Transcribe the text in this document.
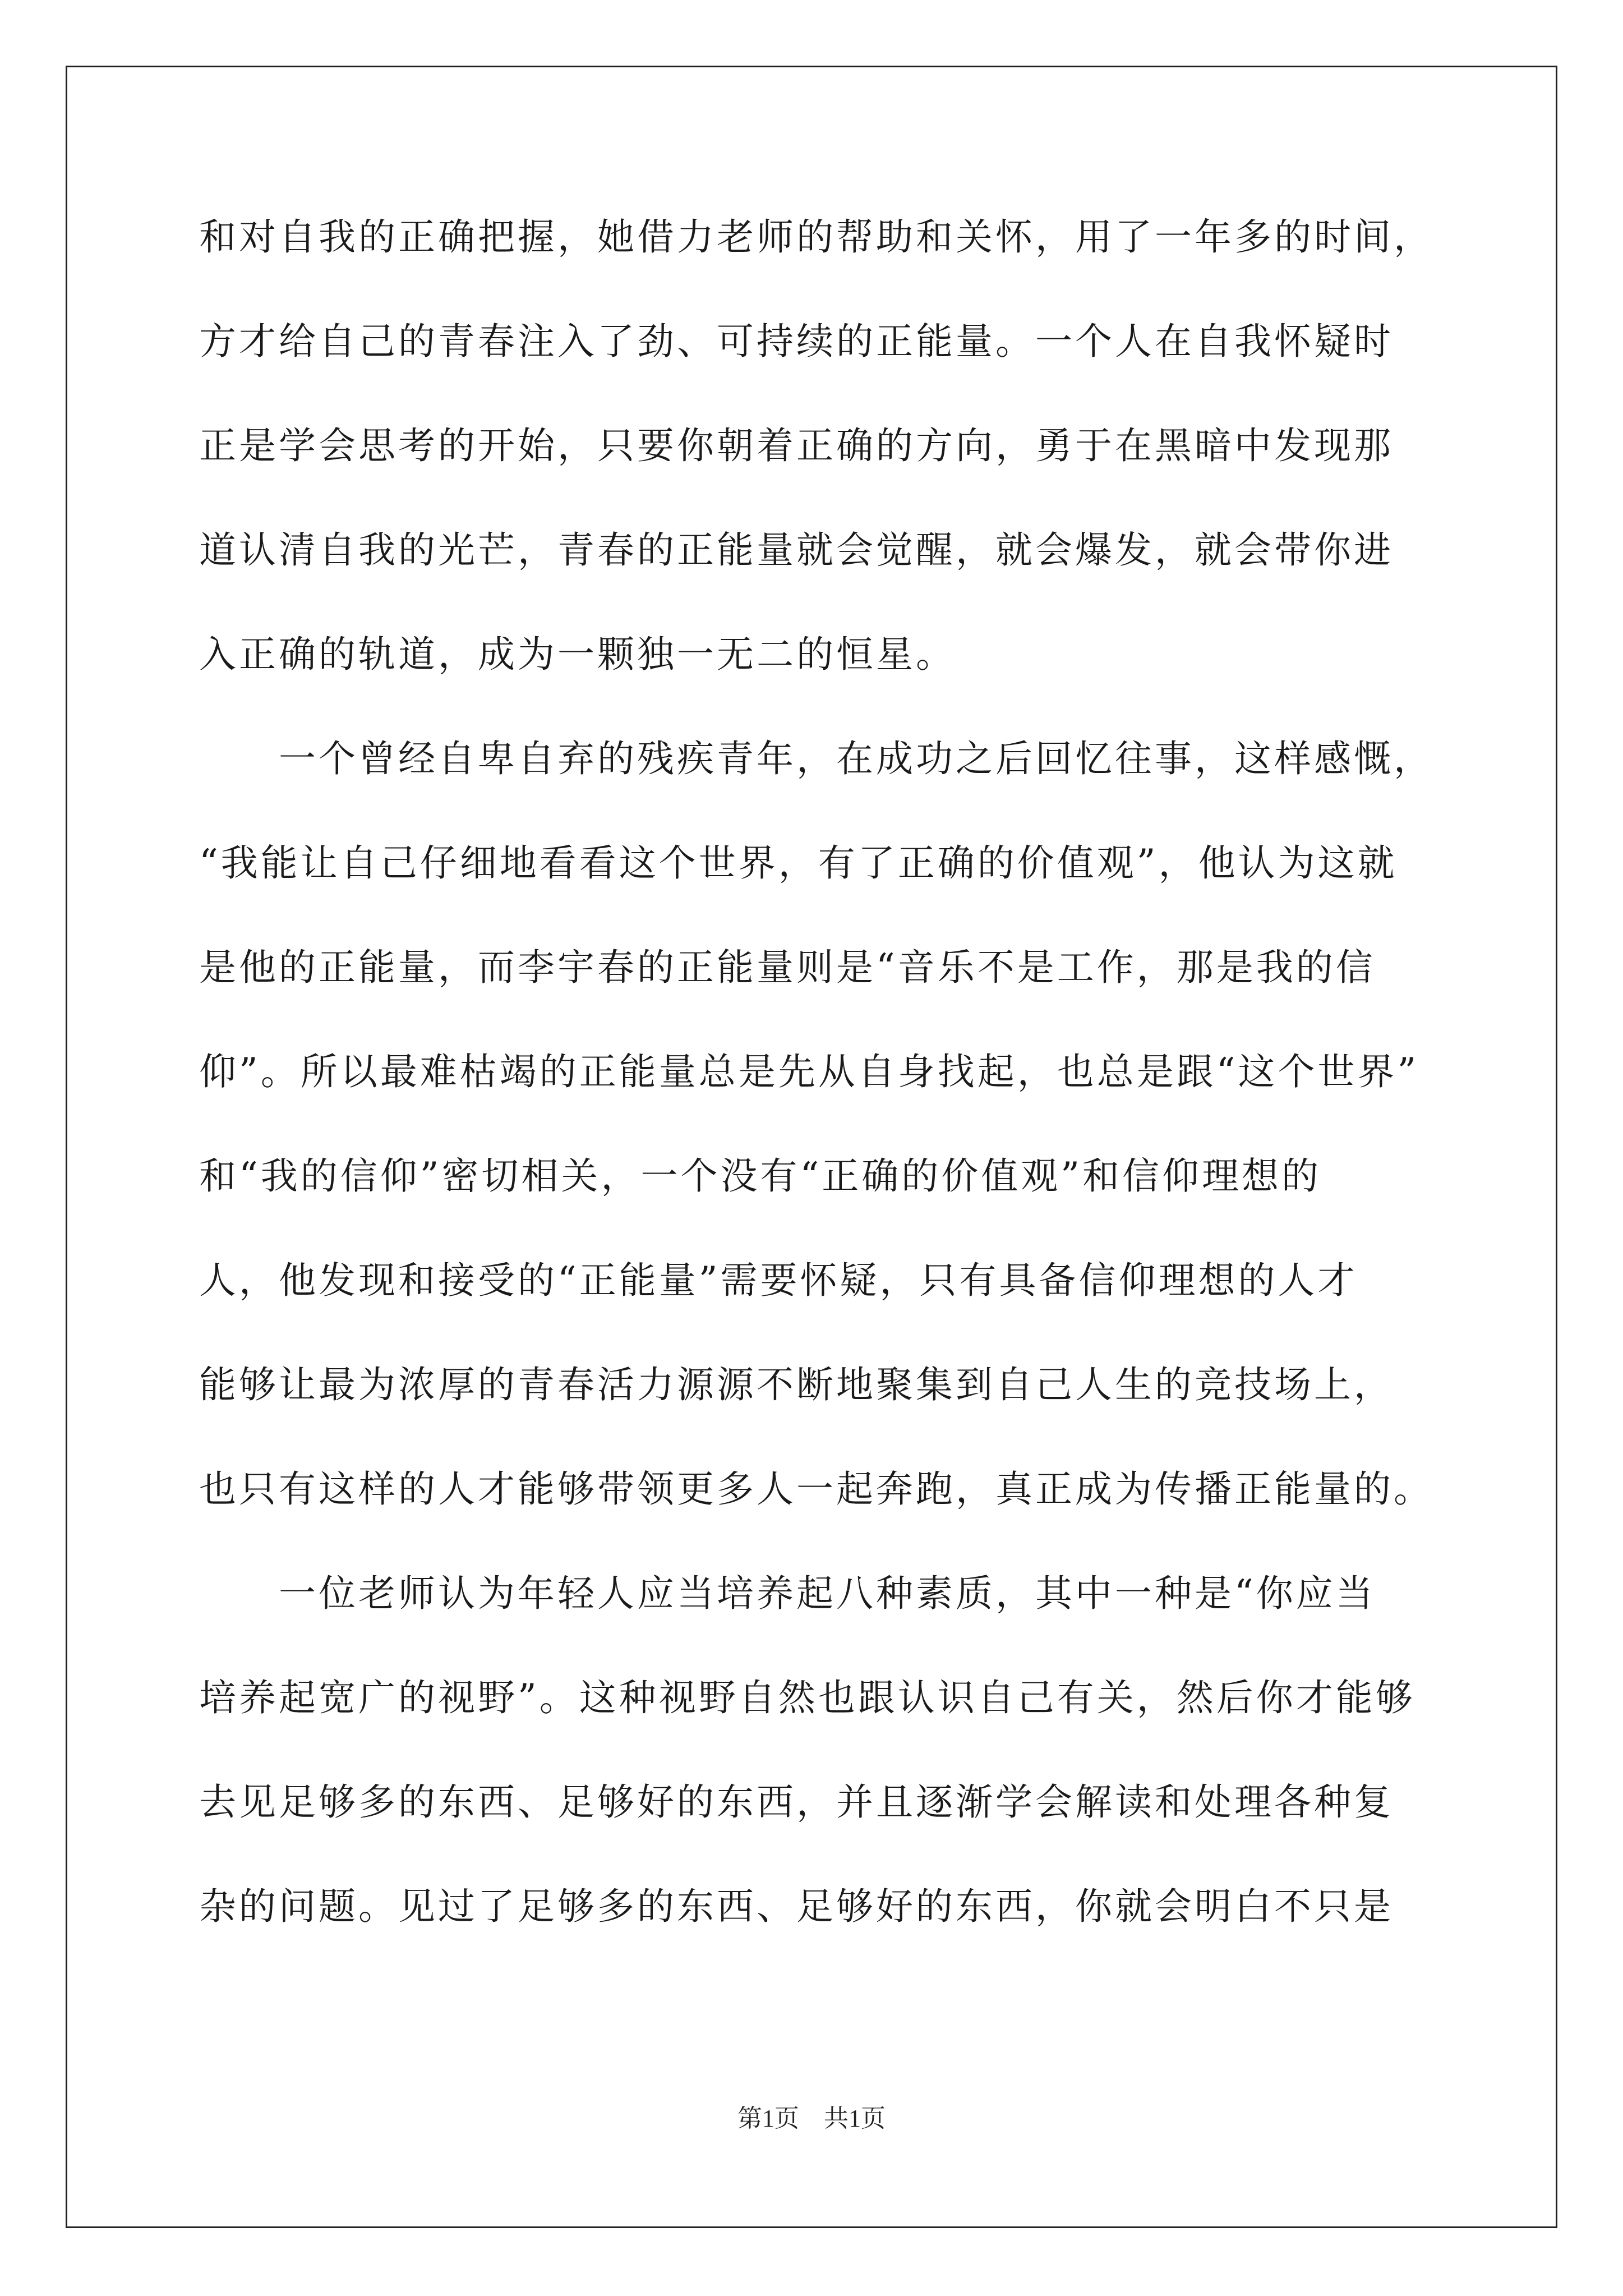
和对自我的正确把握，她借力老师的帮助和关怀，用了一年多的时间，
方才给自己的青春注入了劲、可持续的正能量。一个人在自我怀疑时
正是学会思考的开始，只要你朝着正确的方向，勇于在黑暗中发现那
道认清自我的光芒，青春的正能量就会觉醒，就会爆发，就会带你进
入正确的轨道，成为一颗独一无二的恒星。
　　一个曾经自卑自弃的残疾青年，在成功之后回忆往事，这样感慨，
“我能让自己仔细地看看这个世界，有了正确的价值观”，他认为这就
是他的正能量，而李宇春的正能量则是“音乐不是工作，那是我的信
仰”。所以最难枯竭的正能量总是先从自身找起，也总是跟“这个世界”
和“我的信仰”密切相关，一个没有“正确的价值观”和信仰理想的
人，他发现和接受的“正能量”需要怀疑，只有具备信仰理想的人才
能够让最为浓厚的青春活力源源不断地聚集到自己人生的竞技场上，
也只有这样的人才能够带领更多人一起奔跑，真正成为传播正能量的。
　　一位老师认为年轻人应当培养起八种素质，其中一种是“你应当
培养起宽广的视野”。这种视野自然也跟认识自己有关，然后你才能够
去见足够多的东西、足够好的东西，并且逐渐学会解读和处理各种复
杂的问题。见过了足够多的东西、足够好的东西，你就会明白不只是
第1页　共1页
